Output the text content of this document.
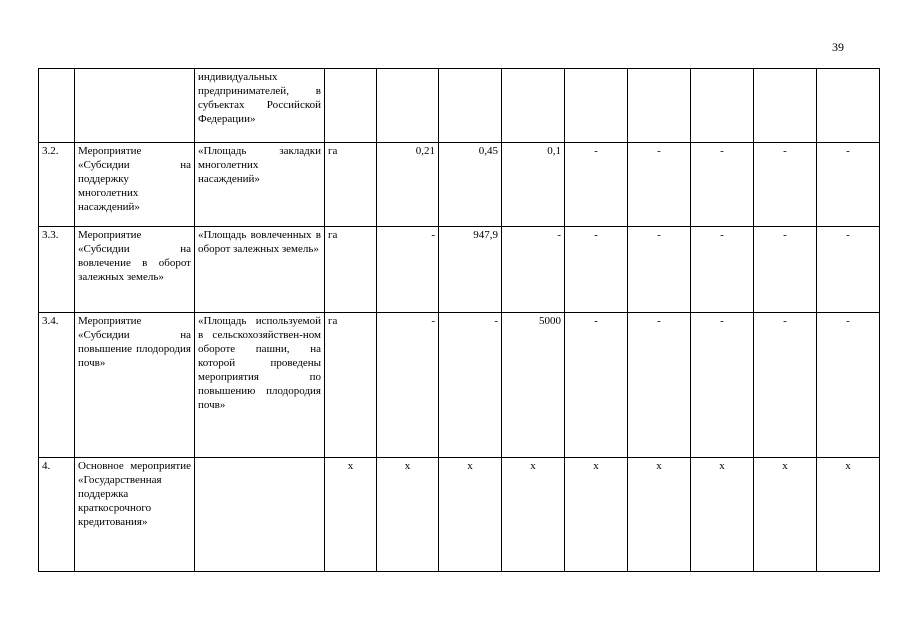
39
		индивидуальных предпринимателей, в субъектах Российской Федерации»									
3.2.	Мероприятие «Субсидии на поддержку многолетних насаждений»	«Площадь закладки многолетних насаждений»	га	0,21	0,45	0,1	-	-	-	-	-
3.3.	Мероприятие «Субсидии на вовлечение в оборот залежных земель»	«Площадь вовлеченных в оборот залежных земель»	га	-	947,9	-	-	-	-	-	-
3.4.	Мероприятие «Субсидии на повышение плодородия почв»	«Площадь используемой в сельскохозяйствен-ном обороте пашни, на которой проведены мероприятия по повышению плодородия почв»	га	-	-	5000	-	-	-	-	-
4.	Основное мероприятие «Государственная поддержка краткосрочного кредитования»		х	х	х	х	х	х	х	х	х
